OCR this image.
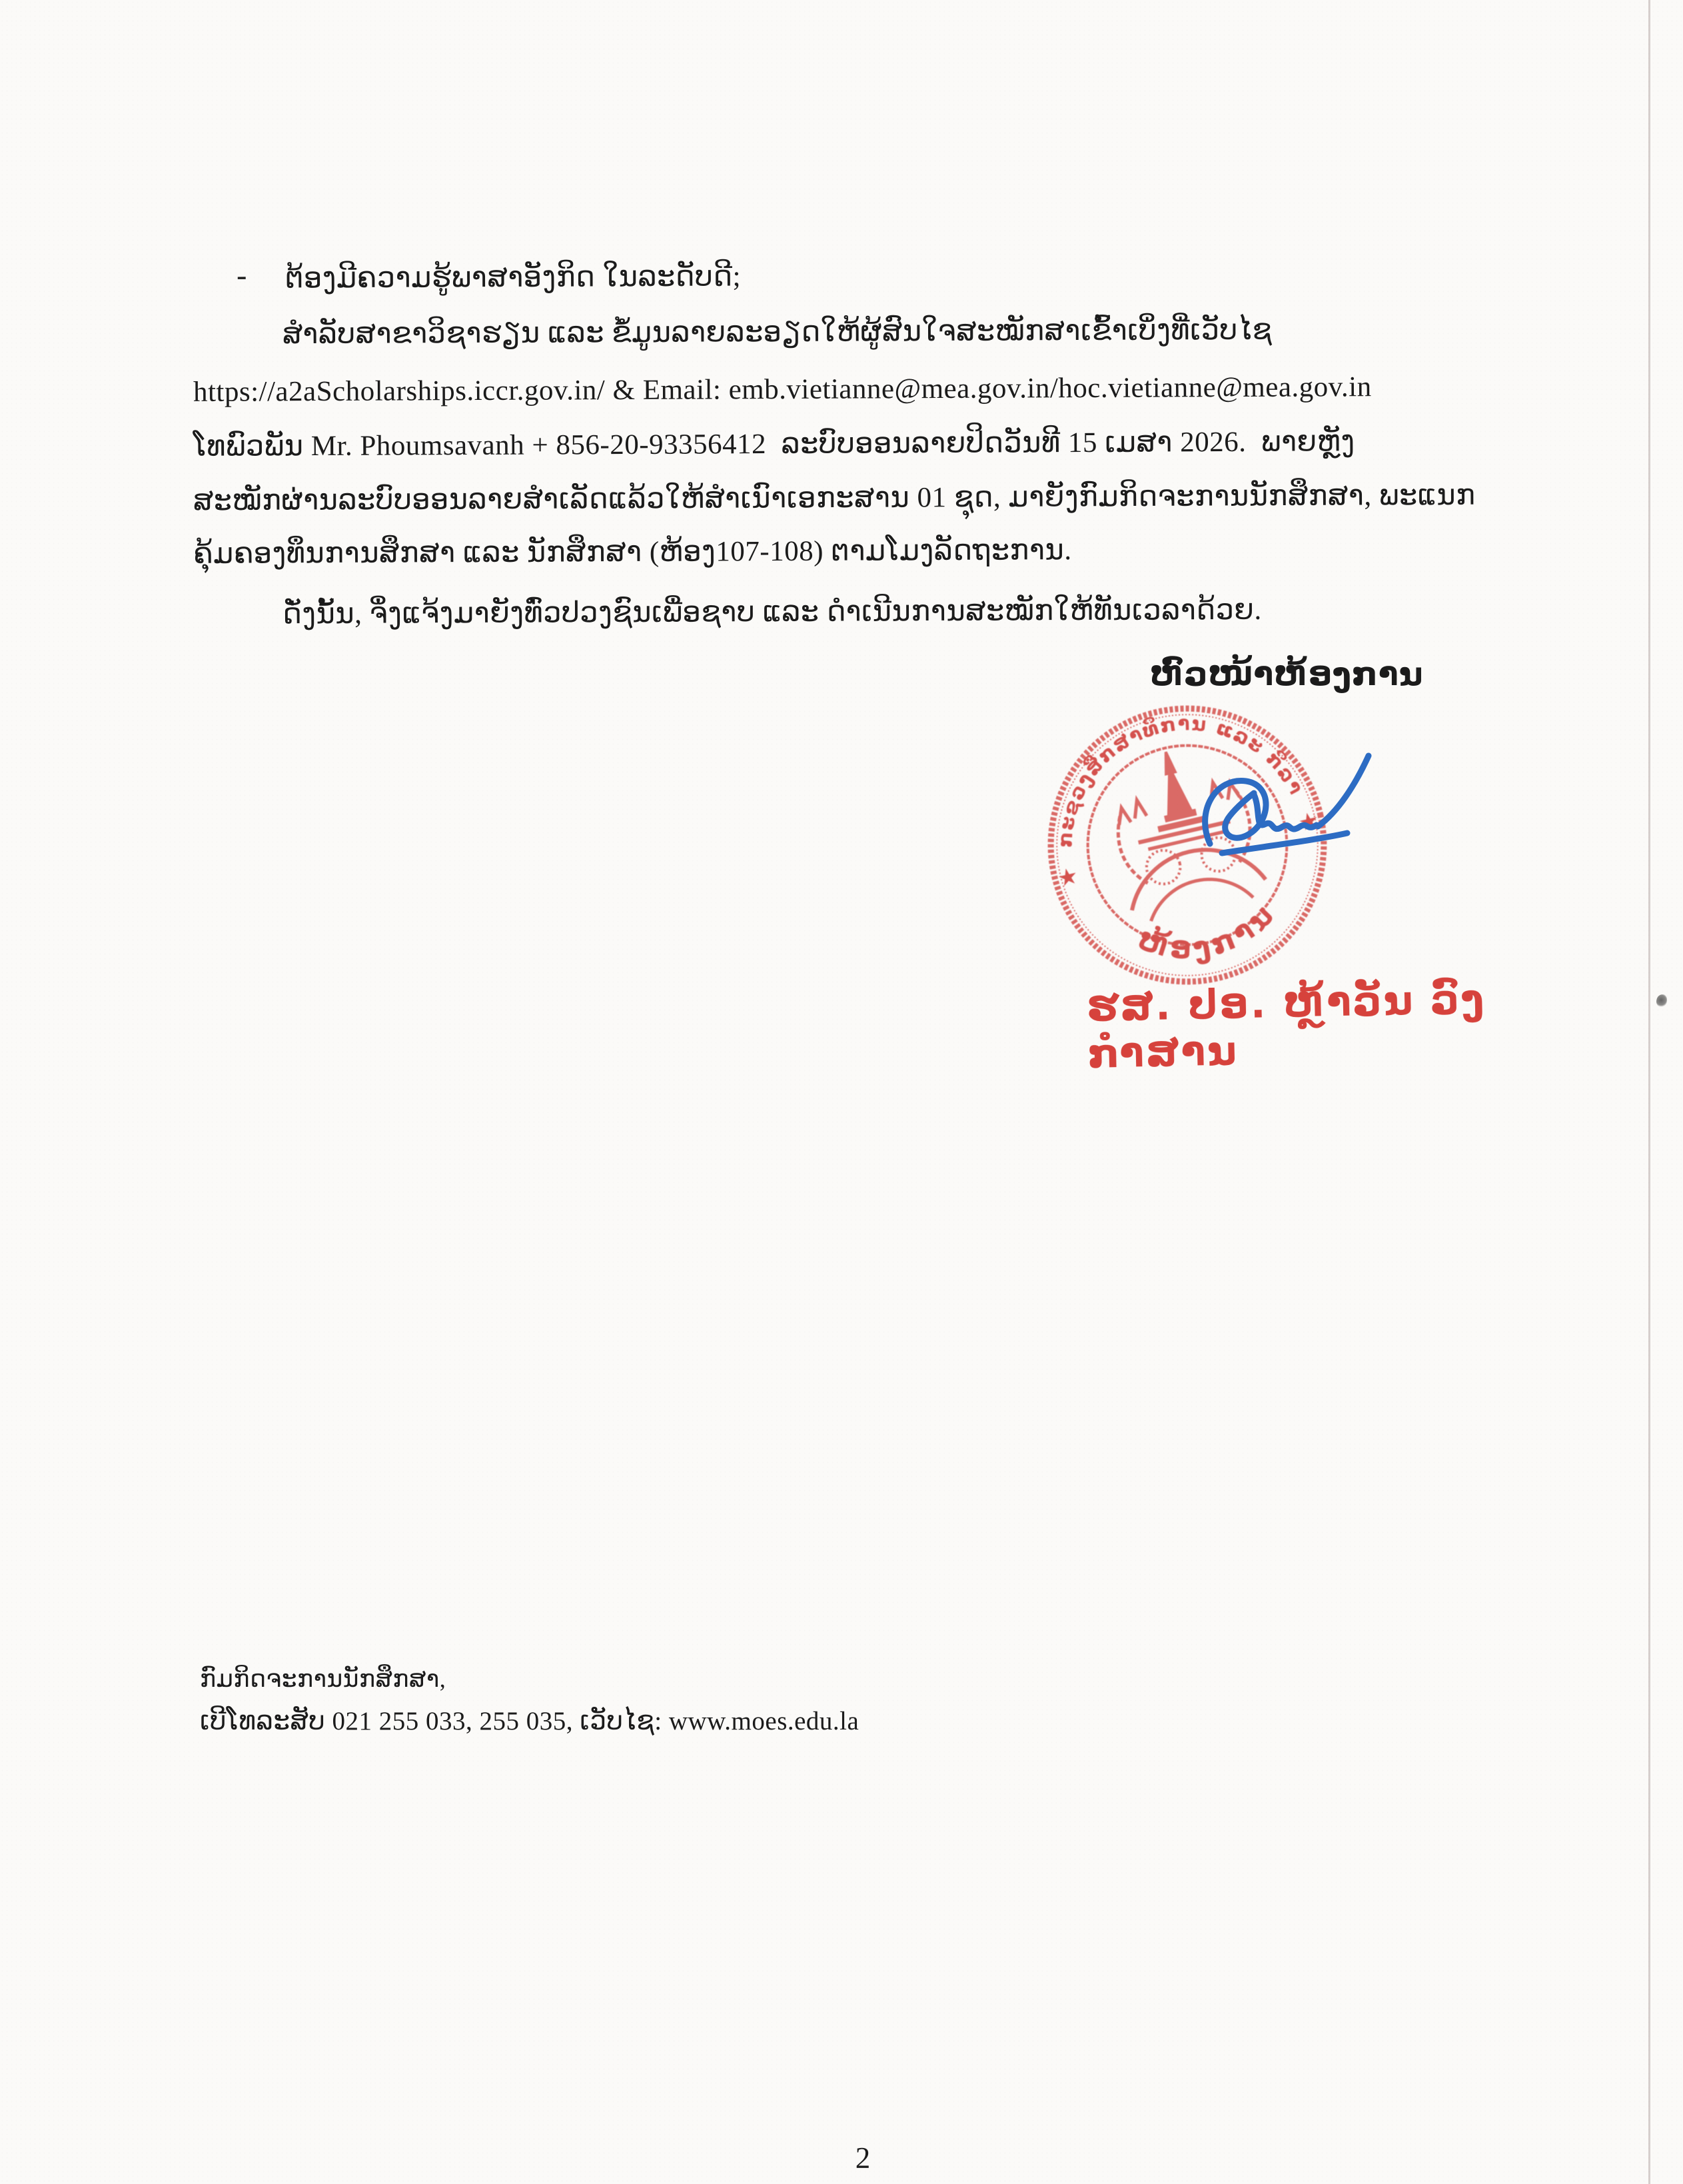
- ຕ້ອງມີຄວາມຮູ້ພາສາອັງກິດ ໃນລະດັບດີ;
ສຳລັບສາຂາວິຊາຮຽນ ແລະ ຂໍ້ມູນລາຍລະອຽດໃຫ້ຜູ້ສົນໃຈສະໝັກສາເຂົ້າເບິ່ງທີ່ເວັບໄຊ
https://a2aScholarships.iccr.gov.in/ & Email: emb.vietianne@mea.gov.in/hoc.vietianne@mea.gov.in
ໂທພົວພັນ Mr. Phoumsavanh + 856-20-93356412  ລະບົບອອນລາຍປິດວັນທີ 15 ເມສາ 2026.  ພາຍຫຼັງ
ສະໝັກຜ່ານລະບົບອອນລາຍສຳເລັດແລ້ວໃຫ້ສຳເນົາເອກະສານ 01 ຊຸດ, ມາຍັງກົມກິດຈະການນັກສຶກສາ, ພະແນກ
ຄຸ້ມຄອງທຶນການສຶກສາ ແລະ ນັກສຶກສາ (ຫ້ອງ107-108) ຕາມໂມງລັດຖະການ.
ດັ່ງນັ້ນ, ຈຶ່ງແຈ້ງມາຍັງທົ່ວປວງຊົນເພື່ອຊາບ ແລະ ດຳເນີນການສະໝັກໃຫ້ທັນເວລາດ້ວຍ.
ຫົວໜ້າຫ້ອງການ
ກະຊວງສຶກສາທິການ ແລະ ກິລາ
ຫ້ອງການ
★
★
ຮສ. ປອ. ຫຼ້າວັນ ວົງກຳສານ
ກົມກິດຈະການນັກສຶກສາ,
ເບີໂທລະສັບ 021 255 033, 255 035, ເວັບໄຊ: www.moes.edu.la
2
